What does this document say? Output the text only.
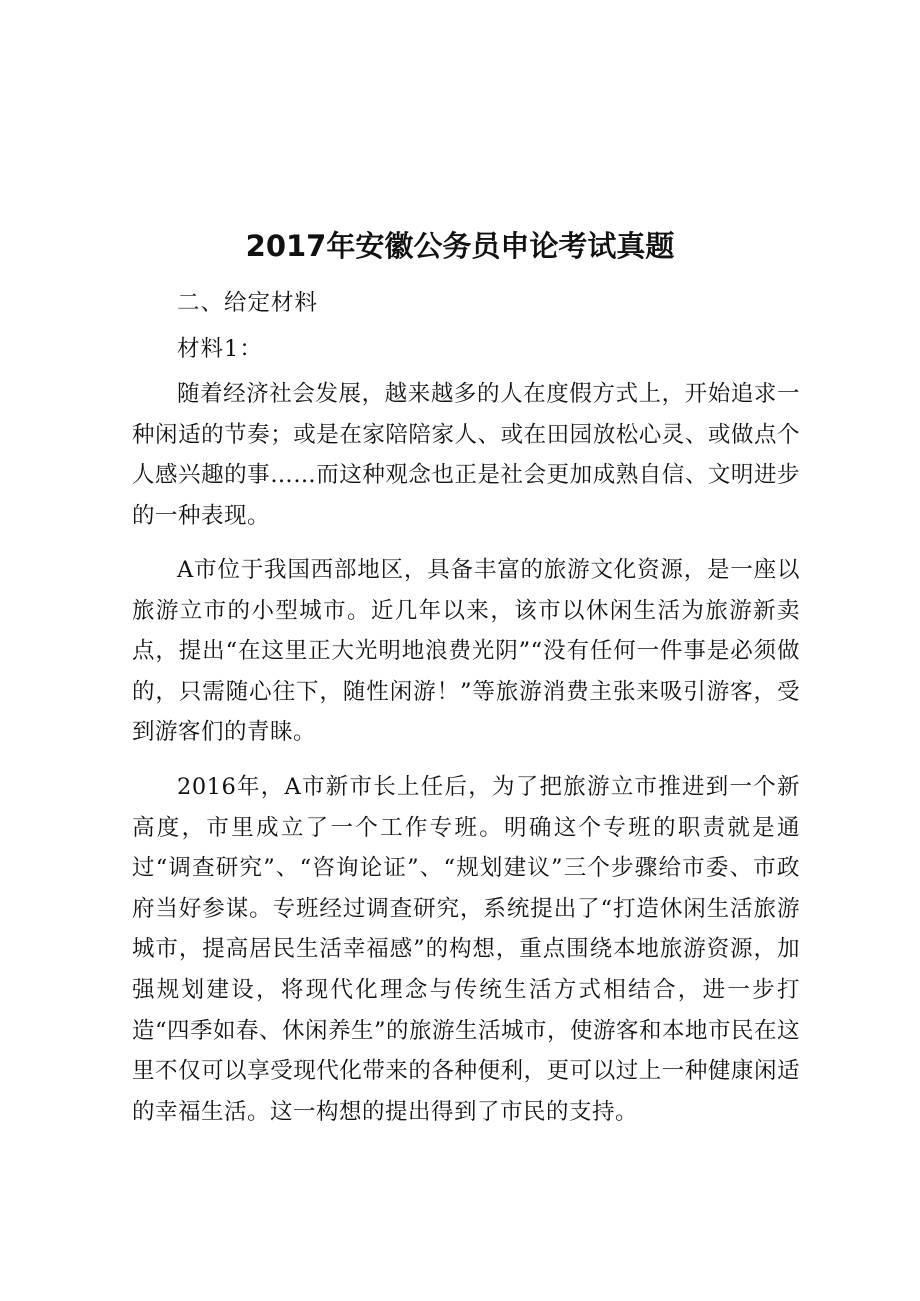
2017年安徽公务员申论考试真题
二、给定材料
材料1：
随着经济社会发展，越来越多的人在度假方式上，开始追求一种闲适的节奏；或是在家陪陪家人、或在田园放松心灵、或做点个人感兴趣的事……而这种观念也正是社会更加成熟自信、文明进步的一种表现。
A市位于我国西部地区，具备丰富的旅游文化资源，是一座以旅游立市的小型城市。近几年以来，该市以休闲生活为旅游新卖点，提出“在这里正大光明地浪费光阴”“没有任何一件事是必须做的，只需随心往下，随性闲游！”等旅游消费主张来吸引游客，受到游客们的青睐。
2016年，A市新市长上任后，为了把旅游立市推进到一个新高度，市里成立了一个工作专班。明确这个专班的职责就是通过“调查研究”、“咨询论证”、“规划建议”三个步骤给市委、市政府当好参谋。专班经过调查研究，系统提出了“打造休闲生活旅游城市，提高居民生活幸福感”的构想，重点围绕本地旅游资源，加强规划建设，将现代化理念与传统生活方式相结合，进一步打造“四季如春、休闲养生”的旅游生活城市，使游客和本地市民在这里不仅可以享受现代化带来的各种便利，更可以过上一种健康闲适的幸福生活。这一构想的提出得到了市民的支持。
